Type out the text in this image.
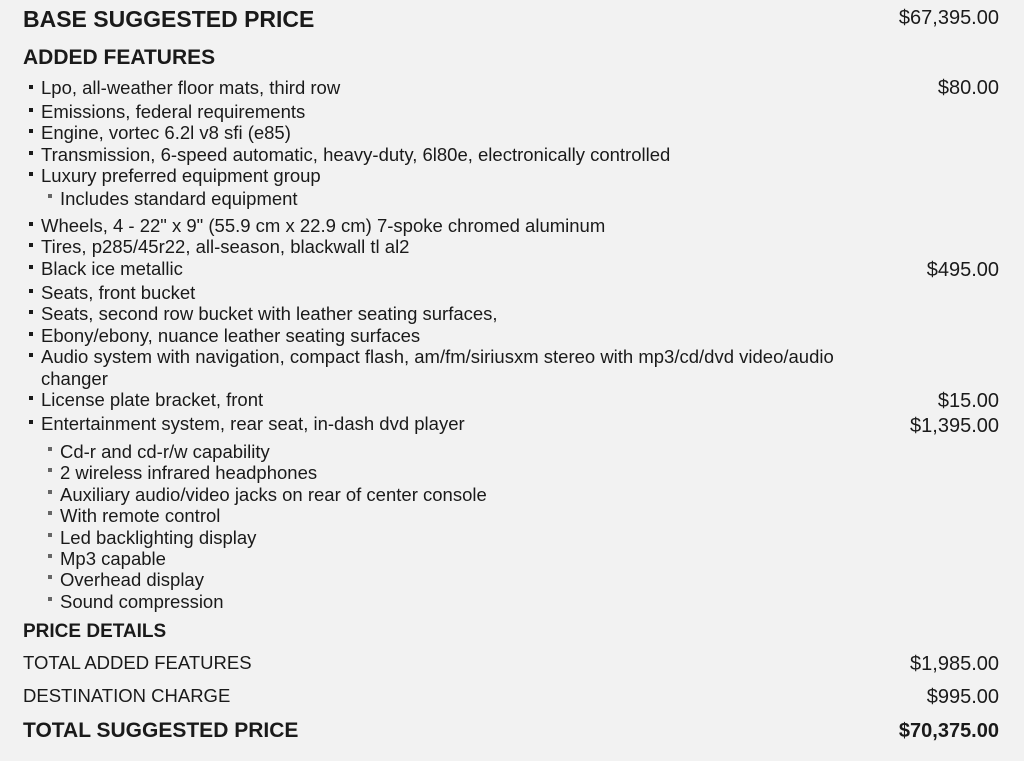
BASE SUGGESTED PRICE	$67,395.00
ADDED FEATURES
Lpo, all-weather floor mats, third row	$80.00
Emissions, federal requirements
Engine, vortec 6.2l v8 sfi (e85)
Transmission, 6-speed automatic, heavy-duty, 6l80e, electronically controlled
Luxury preferred equipment group
Includes standard equipment
Wheels, 4 - 22" x 9" (55.9 cm x 22.9 cm) 7-spoke chromed aluminum
Tires, p285/45r22, all-season, blackwall tl al2
Black ice metallic	$495.00
Seats, front bucket
Seats, second row bucket with leather seating surfaces,
Ebony/ebony, nuance leather seating surfaces
Audio system with navigation, compact flash, am/fm/siriusxm stereo with mp3/cd/dvd video/audio
changer
License plate bracket, front	$15.00
Entertainment system, rear seat, in-dash dvd player	$1,395.00
Cd-r and cd-r/w capability
2 wireless infrared headphones
Auxiliary audio/video jacks on rear of center console
With remote control
Led backlighting display
Mp3 capable
Overhead display
Sound compression
PRICE DETAILS
TOTAL ADDED FEATURES	$1,985.00
DESTINATION CHARGE	$995.00
TOTAL SUGGESTED PRICE	$70,375.00
